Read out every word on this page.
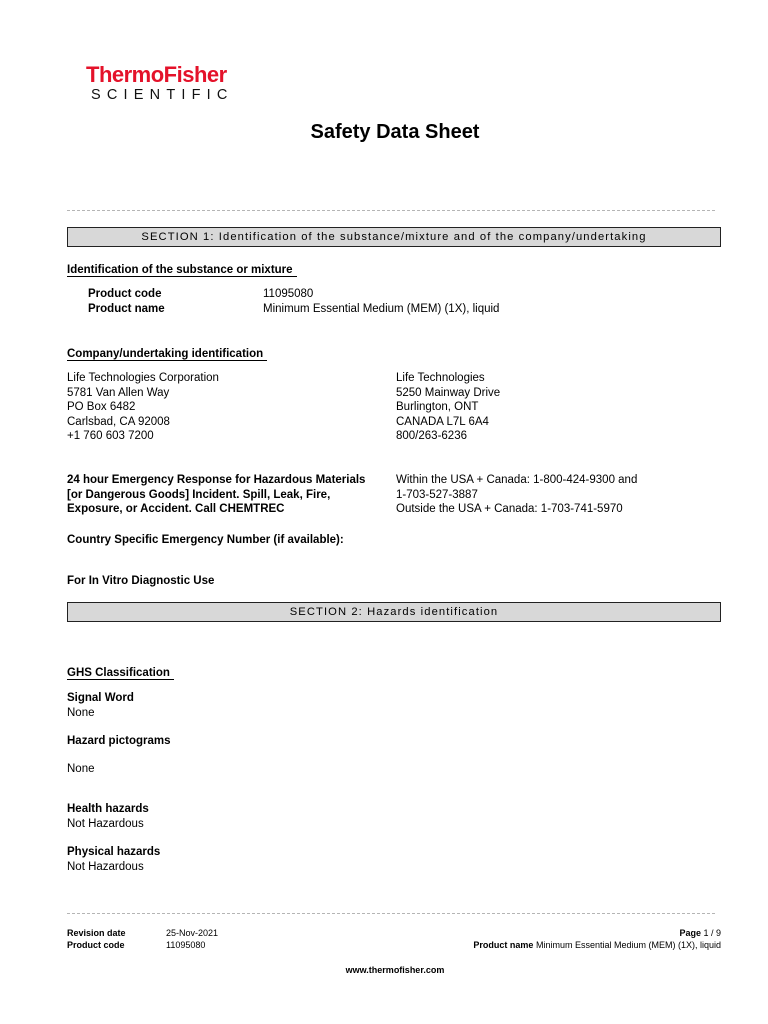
ThermoFisher
SCIENTIFIC
Safety Data Sheet
SECTION 1: Identification of the substance/mixture and of the company/undertaking
Identification of the substance or mixture
Product code	11095080
Product name	Minimum Essential Medium (MEM) (1X), liquid
Company/undertaking identification
Life Technologies Corporation
5781 Van Allen Way
PO Box 6482
Carlsbad, CA 92008
+1 760 603 7200
Life Technologies
5250 Mainway Drive
Burlington, ONT
CANADA L7L 6A4
800/263-6236
24 hour Emergency Response for Hazardous Materials
[or Dangerous Goods] Incident. Spill, Leak, Fire,
Exposure, or Accident. Call CHEMTREC
Within the USA + Canada: 1-800-424-9300 and
1-703-527-3887
Outside the USA + Canada: 1-703-741-5970
Country Specific Emergency Number (if available):
For In Vitro Diagnostic Use
SECTION 2: Hazards identification
GHS Classification
Signal Word
None
Hazard pictograms
None
Health hazards
Not Hazardous
Physical hazards
Not Hazardous
Revision date	25-Nov-2021
Product code	11095080
Page 1 / 9
Product name Minimum Essential Medium (MEM) (1X), liquid
www.thermofisher.com
